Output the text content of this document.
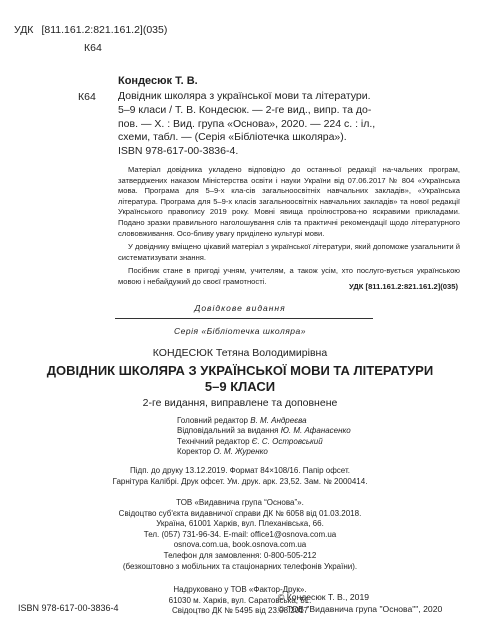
УДК [811.161.2:821.161.2](035)
К64
Кондесюк Т. В.
К64 Довідник школяра з української мови та літератури.
5–9 класи / Т. В. Кондесюк. — 2-ге вид., випр. та до-
пов. — Х. : Вид. група «Основа», 2020. — 224 с. : іл.,
схеми, табл. — (Серія «Бібліотечка школяра»).
ISBN 978-617-00-3836-4.

Матеріал довідника укладено відповідно до останньої редакції на-чальних програм, затверджених наказом Міністерства освіти і науки України від 07.06.2017 № 804 «Українська мова. Програма для 5–9-х кла-сів загальноосвітніх навчальних закладів», «Українська література. Програма для 5–9-х класів загальноосвітніх навчальних закладів» та нової редакції Українського правопису 2019 року. Мовні явища проілюстрова-но яскравими прикладами. Подано зразки правильного наголошування слів та практичні рекомендації щодо літературного слововживання. Осо-бливу увагу приділено культурі мови.

У довіднику вміщено цікавий матеріал з української літератури, який допоможе узагальнити й систематизувати знання.

Посібник стане в пригоді учням, учителям, а також усім, хто послуго-вується українською мовою і небайдужий до своєї грамотності.

УДК [811.161.2:821.161.2](035)
Довідкове видання
Серія «Бібліотечка школяра»
КОНДЕСЮК Тетяна Володимирівна
ДОВІДНИК ШКОЛЯРА З УКРАЇНСЬКОЇ МОВИ ТА ЛІТЕРАТУРИ
5–9 КЛАСИ
2-ге видання, виправлене та доповнене
Головний редактор В. М. Андреєва
Відповідальний за видання Ю. М. Афанасенко
Технічний редактор Є. С. Островський
Коректор О. М. Журенко
Підп. до друку 13.12.2019. Формат 84×108/16. Папір офсет.
Гарнітура Калібрі. Друк офсет. Ум. друк. арк. 23,52. Зам. № 2000414.
ТОВ «Видавнича група “Основа”».
Свідоцтво суб'єкта видавничої справи ДК № 6058 від 01.03.2018.
Україна, 61001 Харків, вул. Плеханівська, 66.
Тел. (057) 731-96-34. E-mail: office1@osnova.com.ua
osnova.com.ua, book.osnova.com.ua
Телефон для замовлення: 0-800-505-212
(безкоштовно з мобільних та стаціонарних телефонів України).
Надруковано у ТОВ «Фактор-Друк».
61030 м. Харків, вул. Саратовська, 51.
Свідоцтво ДК № 5495 від 23.08.2017
ISBN 978-617-00-3836-4
© Кондесюк Т. В., 2019
© ТОВ "Видавнича група "Основа"", 2020
